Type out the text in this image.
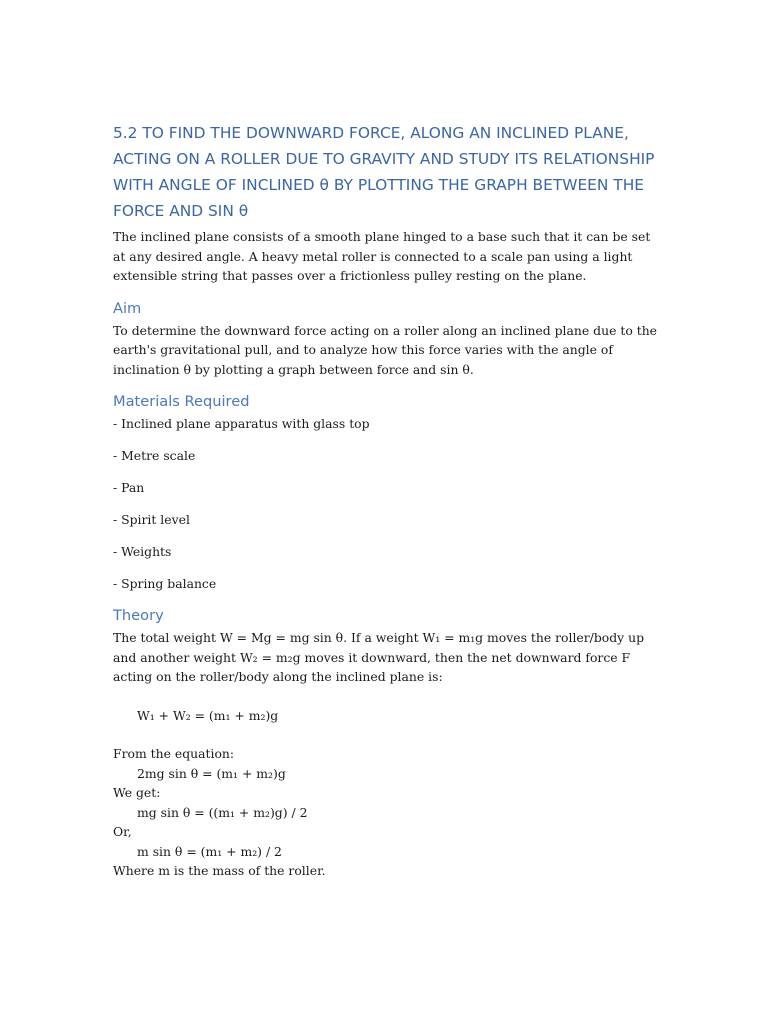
5.2 TO FIND THE DOWNWARD FORCE, ALONG AN INCLINED PLANE,
ACTING ON A ROLLER DUE TO GRAVITY AND STUDY ITS RELATIONSHIP
WITH ANGLE OF INCLINED θ BY PLOTTING THE GRAPH BETWEEN THE
FORCE AND SIN θ

The inclined plane consists of a smooth plane hinged to a base such that it can be set at any desired angle. A heavy metal roller is connected to a scale pan using a light extensible string that passes over a frictionless pulley resting on the plane.

Aim

To determine the downward force acting on a roller along an inclined plane due to the earth's gravitational pull, and to analyze how this force varies with the angle of inclination θ by plotting a graph between force and sin θ.

Materials Required
- Inclined plane apparatus with glass top
- Metre scale
- Pan
- Spirit level
- Weights
- Spring balance
Theory

The total weight W = Mg = mg sin θ. If a weight W₁ = m₁g moves the roller/body up and another weight W₂ = m₂g moves it downward, then the net downward force F acting on the roller/body along the inclined plane is:

W₁ + W₂ = (m₁ + m₂)g

From the equation:

2mg sin θ = (m₁ + m₂)g

We get:

mg sin θ = ((m₁ + m₂)g) / 2

Or,

m sin θ = (m₁ + m₂) / 2

Where m is the mass of the roller.
